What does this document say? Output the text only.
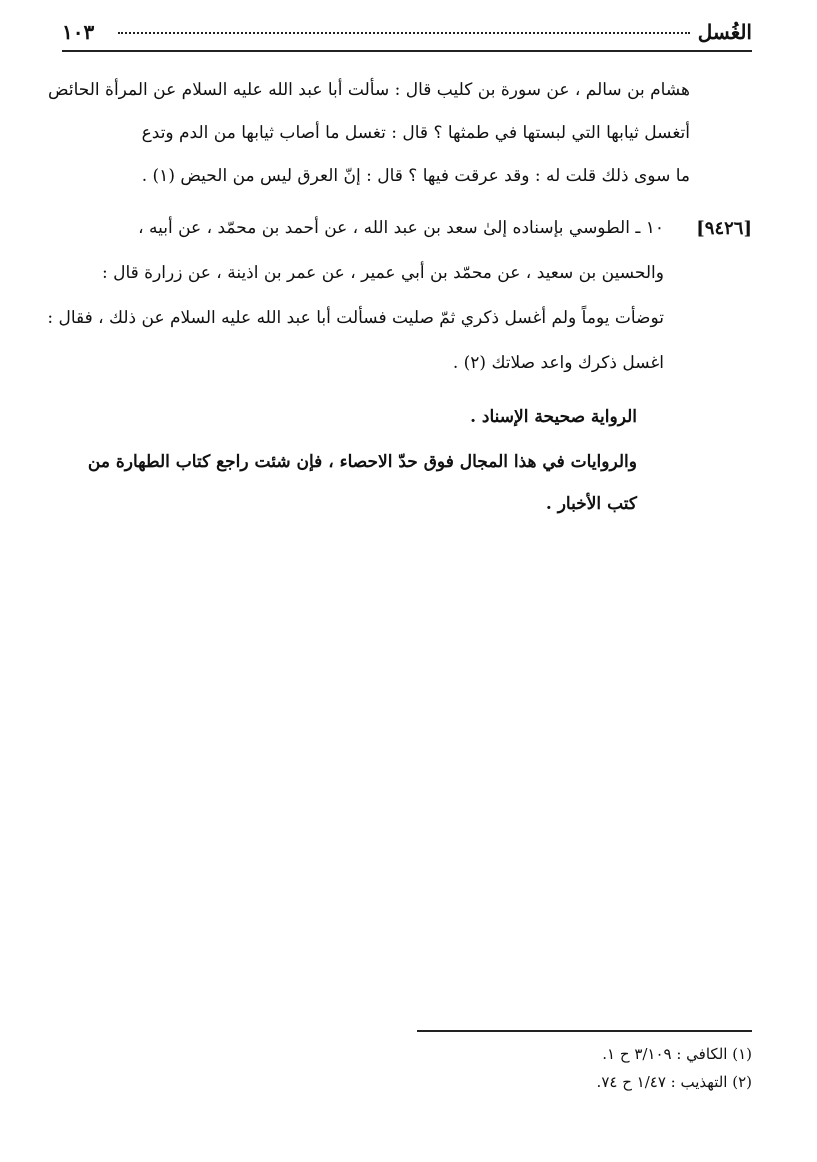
الغُسل
١٠٣
هشام بن سالم ، عن سورة بن كليب قال : سألت أبا عبد الله عليه السلام عن المرأة الحائض
أتغسل ثيابها التي لبستها في طمثها ؟ قال : تغسل ما أصاب ثيابها من الدم وتدع
ما سوى ذلك قلت له : وقد عرقت فيها ؟ قال : إنّ العرق ليس من الحيض (١) .
[٩٤٢٦]
١٠ ـ الطوسي بإسناده إلىٰ سعد بن عبد الله ، عن أحمد بن محمّد ، عن أبيه ،
والحسين بن سعيد ، عن محمّد بن أبي عمير ، عن عمر بن اذينة ، عن زرارة قال :
توضأت يوماً ولم أغسل ذكري ثمّ صليت فسألت أبا عبد الله عليه السلام عن ذلك ، فقال :
اغسل ذكرك واعد صلاتك (٢) .
الرواية صحيحة الإسناد .
والروايات في هذا المجال فوق حدّ الاحصاء ، فإن شئت راجع كتاب الطهارة من
كتب الأخبار .
(١) الكافي : ٣/١٠٩ ح ١.
(٢) التهذيب : ١/٤٧ ح ٧٤.
